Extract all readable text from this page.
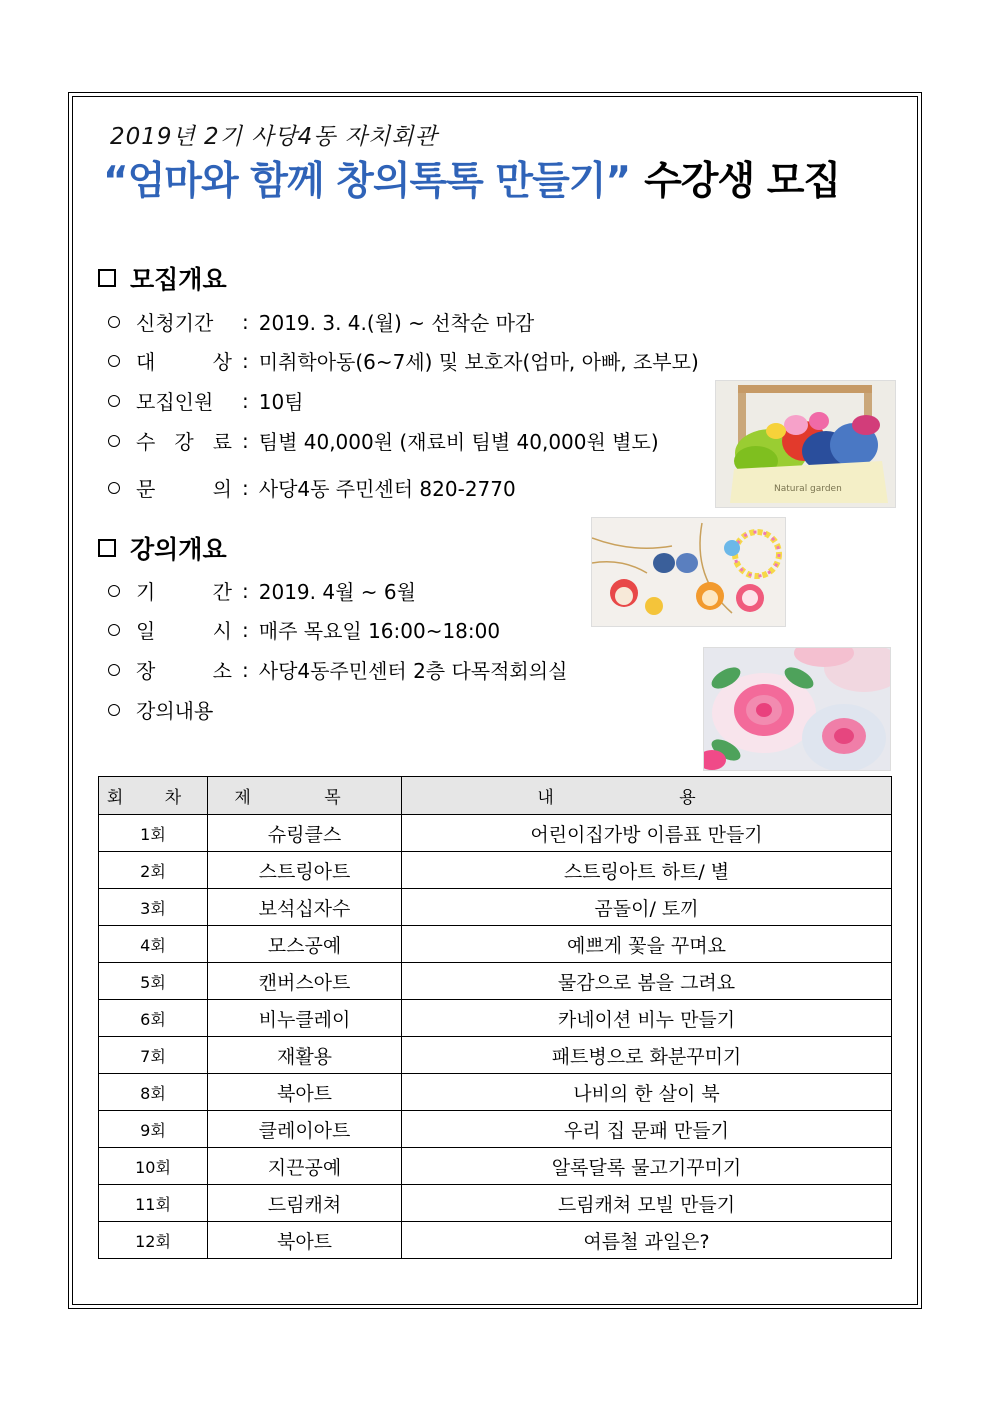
2019년 2기 사당4동 자치회관
“엄마와 함께 창의톡톡 만들기” 수강생 모집
모집개요
신청기간	: 2019. 3. 4.(월) ~ 선착순 마감
대 상 : 미취학아동(6~7세) 및 보호자(엄마, 아빠, 조부모)
모집인원	: 10팀
수 강 료 : 팀별 40,000원 (재료비 팀별 40,000원 별도)
문 의 : 사당4동 주민센터 820-2770
강의개요
기 간 : 2019. 4월 ~ 6월
일 시 : 매주 목요일 16:00~18:00
장 소 : 사당4동주민센터 2층 다목적회의실
강의내용
Natural garden
회 차	제 목	내 용
1회	슈링클스	어린이집가방 이름표 만들기
2회	스트링아트	스트링아트 하트/ 별
3회	보석십자수	곰돌이/ 토끼
4회	모스공예	예쁘게 꽃을 꾸며요
5회	캔버스아트	물감으로 봄을 그려요
6회	비누클레이	카네이션 비누 만들기
7회	재활용	패트병으로 화분꾸미기
8회	북아트	나비의 한 살이 북
9회	클레이아트	우리 집 문패 만들기
10회	지끈공예	알록달록 물고기꾸미기
11회	드림캐쳐	드림캐쳐 모빌 만들기
12회	북아트	여름철 과일은?
